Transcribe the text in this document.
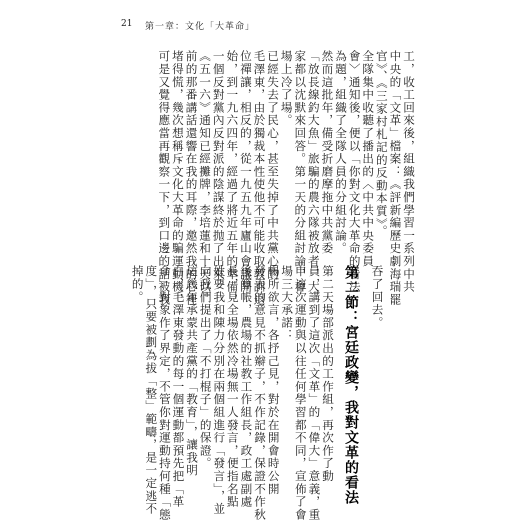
21 第一章：文化「大革命」
工，收工回來後，組織我們學習一系列中共
中央的「文革」檔案：《評新編歷史劇海瑞罷
官》、《三家村札記的反動本質》。
全隊集中收聽了播出的〈中共中央委員
會〉通知後，便以「你對文化大革命的看法」
為題，組織了全隊人員的分組討論。
然而這批年，備受折磨摩拖中共黨委
「放長線釣大魚」旅騙的農六隊被放者，大
家都以沈默來回答。第一天的分組討論，會
場上冷了場。
已經失去了民心，甚至失掉了中共黨心的
毛澤東，由於獨裁本性使他不可能收取教訓退
位禪讓，相反的，從一九五九年廬山會議開
始，到一九六四年，經過了將近五年的準備，
一個反對黨內反對派的陰謀終於抛了出來。
《五一六》通知已經攤牌，李培蓮和十天以
前的那番講話還響在我的耳際，邀然我的心裡
堵得慌，幾次想稱斥文化大革命的騙運動機，
可是又覺得應當再觀察一下，到口邊的話被我	吞了回去。
第二節：宮廷政變，我對文革的看法
第二天場部派出的工作組，再次作了動
員，講到了這次「文革」的「偉大」意義，重
申這次運動與以往任何學習都不同，宣佈了會
場三大承諾：
暢所欲言，各抒己見，對於在開會時公開
發表的意見不抓辮子，不作記錄，保證不作秋
後算帳，農場的社教工作組長，政工處副處
長，見全場依然冷場無一人發言，便指名點
姓要我和陳力分別在兩個組進行「發言」，並
向我們提出了「不打棍子」的保證。
這幾年承蒙共產黨的「教育」，讓我明
白，毛澤東發動的每一個運動都預先把「革
命」對象作了界定，不管你對運動持何種「態
度」，只要被劃為拔「整」範疇，是一定逃不
掉的。
